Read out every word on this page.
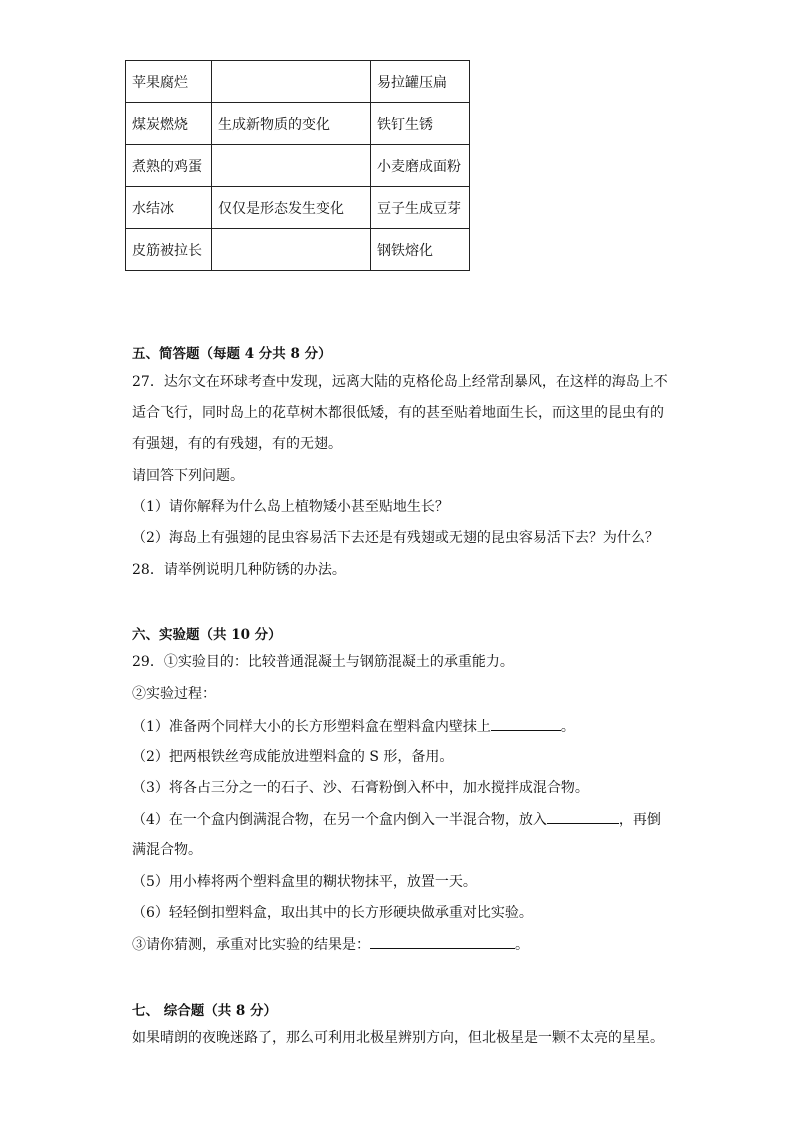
苹果腐烂		易拉罐压扁
煤炭燃烧	生成新物质的变化	铁钉生锈
煮熟的鸡蛋		小麦磨成面粉
水结冰	仅仅是形态发生变化	豆子生成豆芽
皮筋被拉长		钢铁熔化
五、简答题（每题 4 分共 8 分）
27．达尔文在环球考查中发现，远离大陆的克格伦岛上经常刮暴风，在这样的海岛上不
适合飞行，同时岛上的花草树木都很低矮，有的甚至贴着地面生长，而这里的昆虫有的
有强翅，有的有残翅，有的无翅。
请回答下列问题。
（1）请你解释为什么岛上植物矮小甚至贴地生长？
（2）海岛上有强翅的昆虫容易活下去还是有残翅或无翅的昆虫容易活下去？为什么？
28．请举例说明几种防锈的办法。
六、实验题（共 10 分）
29．①实验目的：比较普通混凝土与钢筋混凝土的承重能力。
②实验过程：
（1）准备两个同样大小的长方形塑料盒在塑料盒内壁抹上	。
（2）把两根铁丝弯成能放进塑料盒的 S 形，备用。
（3）将各占三分之一的石子、沙、石膏粉倒入杯中，加水搅拌成混合物。
（4）在一个盒内倒满混合物，在另一个盒内倒入一半混合物，放入	，再倒
满混合物。
（5）用小棒将两个塑料盒里的糊状物抹平，放置一天。
（6）轻轻倒扣塑料盒，取出其中的长方形硬块做承重对比实验。
③请你猜测，承重对比实验的结果是：	。
七、 综合题（共 8 分）
如果晴朗的夜晚迷路了，那么可利用北极星辨别方向，但北极星是一颗不太亮的星星。
